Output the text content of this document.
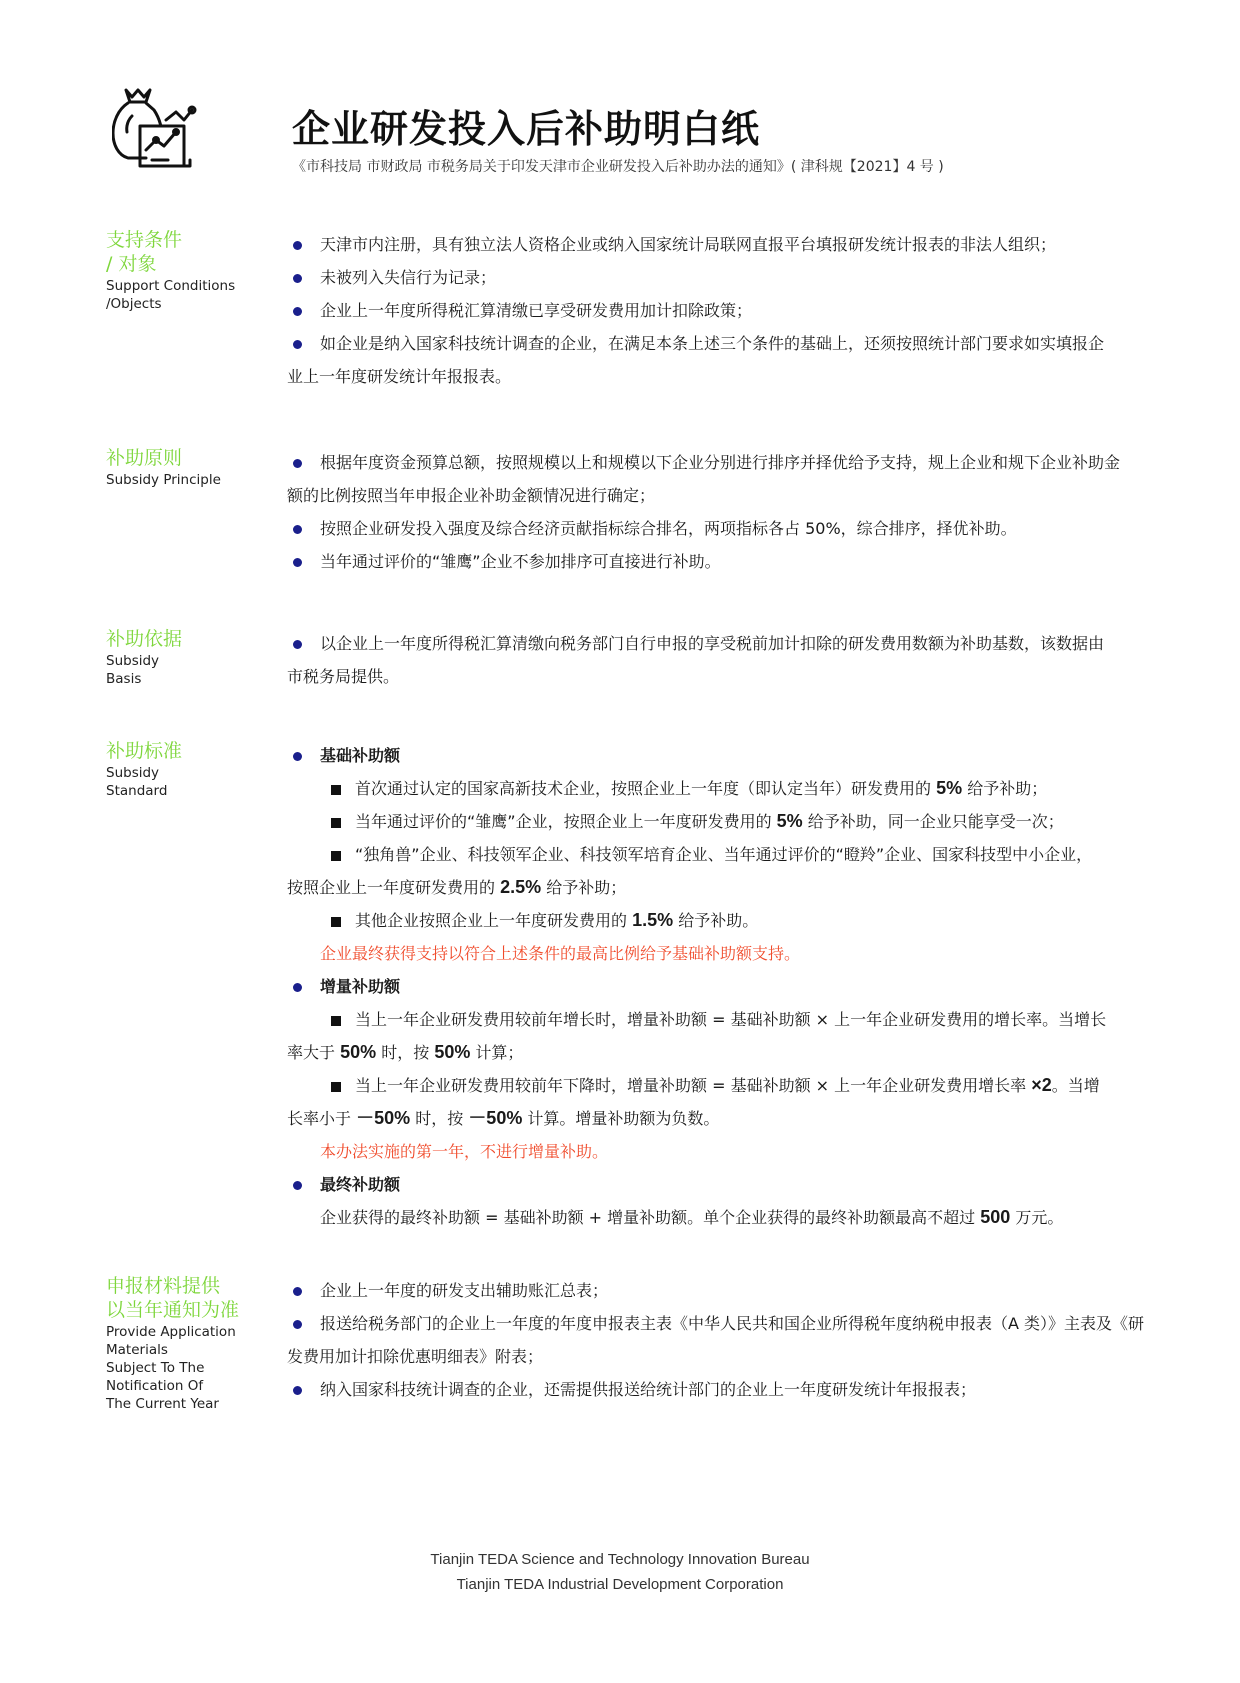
企业研发投入后补助明白纸
《市科技局 市财政局 市税务局关于印发天津市企业研发投入后补助办法的通知》( 津科规【2021】4 号 )
支持条件
/ 对象
Support Conditions
/Objects
天津市内注册，具有独立法人资格企业或纳入国家统计局联网直报平台填报研发统计报表的非法人组织；
未被列入失信行为记录；
企业上一年度所得税汇算清缴已享受研发费用加计扣除政策；
如企业是纳入国家科技统计调查的企业，在满足本条上述三个条件的基础上，还须按照统计部门要求如实填报企
业上一年度研发统计年报报表。
补助原则
Subsidy Principle
根据年度资金预算总额，按照规模以上和规模以下企业分别进行排序并择优给予支持，规上企业和规下企业补助金
额的比例按照当年申报企业补助金额情况进行确定；
按照企业研发投入强度及综合经济贡献指标综合排名，两项指标各占 50%，综合排序，择优补助。
当年通过评价的“雏鹰”企业不参加排序可直接进行补助。
补助依据
Subsidy
Basis
以企业上一年度所得税汇算清缴向税务部门自行申报的享受税前加计扣除的研发费用数额为补助基数，该数据由
市税务局提供。
补助标准
Subsidy
Standard
基础补助额
首次通过认定的国家高新技术企业，按照企业上一年度（即认定当年）研发费用的 5% 给予补助；
当年通过评价的“雏鹰”企业，按照企业上一年度研发费用的 5% 给予补助，同一企业只能享受一次；
“独角兽”企业、科技领军企业、科技领军培育企业、当年通过评价的“瞪羚”企业、国家科技型中小企业，
按照企业上一年度研发费用的 2.5% 给予补助；
其他企业按照企业上一年度研发费用的 1.5% 给予补助。
企业最终获得支持以符合上述条件的最高比例给予基础补助额支持。
增量补助额
当上一年企业研发费用较前年增长时，增量补助额 = 基础补助额 × 上一年企业研发费用的增长率。当增长
率大于 50% 时，按 50% 计算；
当上一年企业研发费用较前年下降时，增量补助额 = 基础补助额 × 上一年企业研发费用增长率 ×2。当增
长率小于 －50% 时，按 －50% 计算。增量补助额为负数。
本办法实施的第一年，不进行增量补助。
最终补助额
企业获得的最终补助额 = 基础补助额 + 增量补助额。单个企业获得的最终补助额最高不超过 500 万元。
申报材料提供
以当年通知为准
Provide Application
Materials
Subject To The
Notification Of
The Current Year
企业上一年度的研发支出辅助账汇总表；
报送给税务部门的企业上一年度的年度申报表主表《中华人民共和国企业所得税年度纳税申报表（A 类）》主表及《研
发费用加计扣除优惠明细表》附表；
纳入国家科技统计调查的企业，还需提供报送给统计部门的企业上一年度研发统计年报报表；
Tianjin TEDA Science and Technology Innovation Bureau
Tianjin TEDA Industrial Development Corporation
